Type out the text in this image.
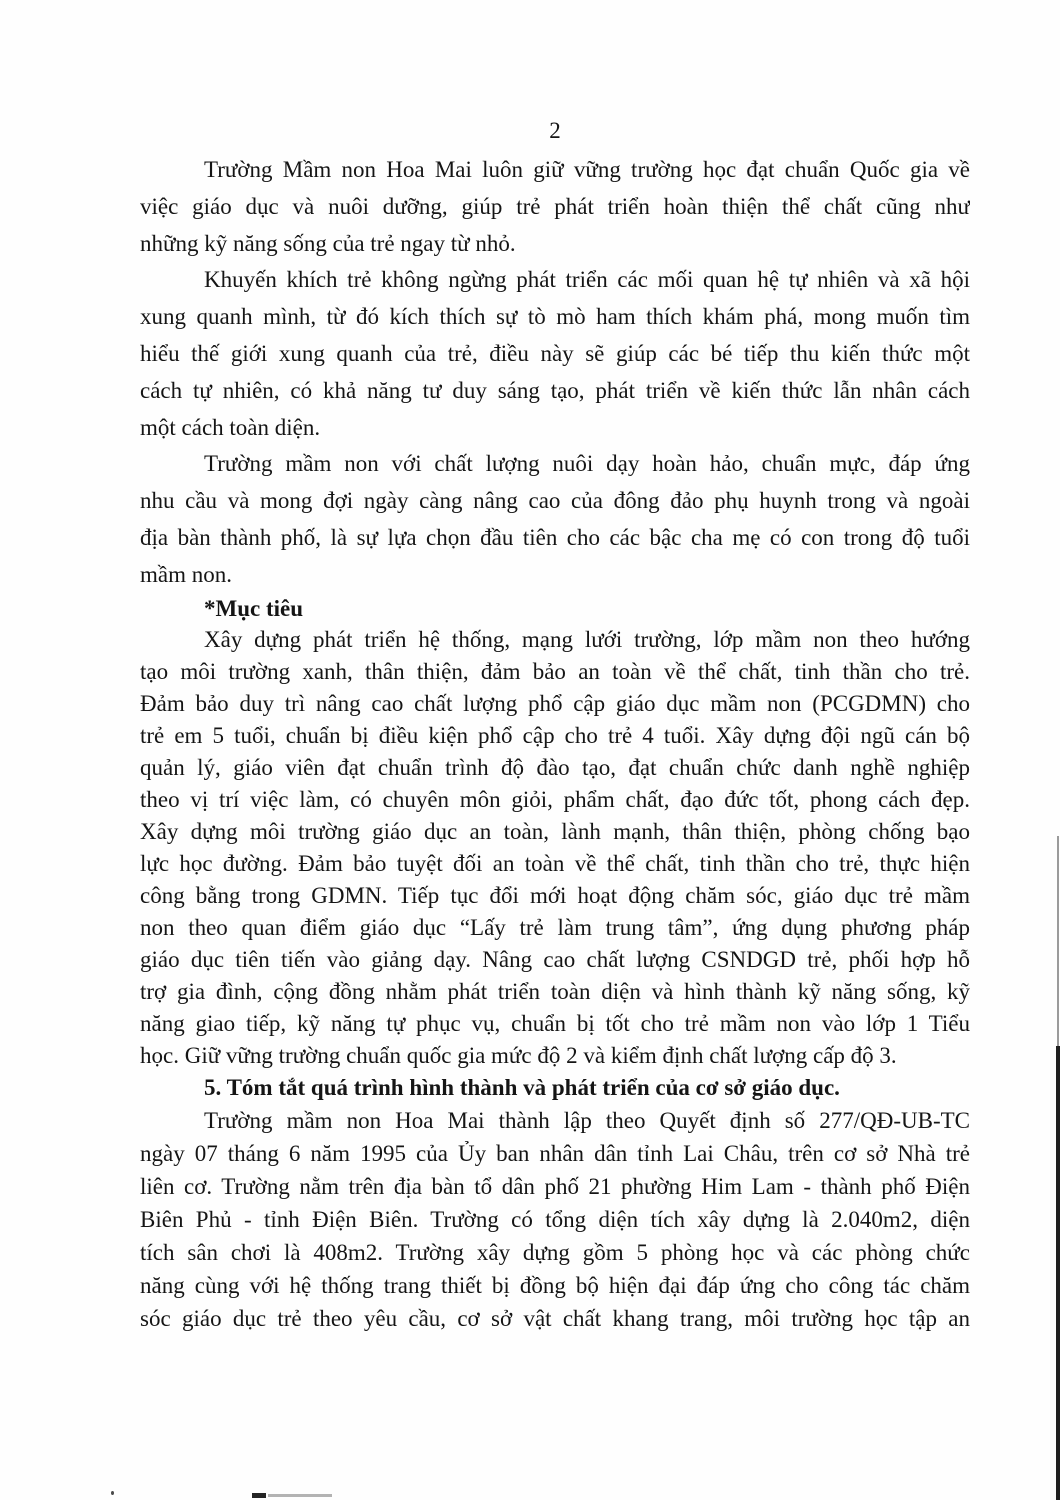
2
Trường Mầm non Hoa Mai luôn giữ vững trường học đạt chuẩn Quốc gia về
việc giáo dục và nuôi dưỡng, giúp trẻ phát triển hoàn thiện thể chất cũng như
những kỹ năng sống của trẻ ngay từ nhỏ.
Khuyến khích trẻ không ngừng phát triển các mối quan hệ tự nhiên và xã hội
xung quanh mình, từ đó kích thích sự tò mò ham thích khám phá, mong muốn tìm
hiểu thế giới xung quanh của trẻ, điều này sẽ giúp các bé tiếp thu kiến thức một
cách tự nhiên, có khả năng tư duy sáng tạo, phát triển về kiến thức lẫn nhân cách
một cách toàn diện.
Trường mầm non với chất lượng nuôi dạy hoàn hảo, chuẩn mực, đáp ứng
nhu cầu và mong đợi ngày càng nâng cao của đông đảo phụ huynh trong và ngoài
địa bàn thành phố, là sự lựa chọn đầu tiên cho các bậc cha mẹ có con trong độ tuổi
mầm non.
*Mục tiêu
Xây dựng phát triển hệ thống, mạng lưới trường, lớp mầm non theo hướng
tạo môi trường xanh, thân thiện, đảm bảo an toàn về thể chất, tinh thần cho trẻ.
Đảm bảo duy trì nâng cao chất lượng phổ cập giáo dục mầm non (PCGDMN) cho
trẻ em 5 tuổi, chuẩn bị điều kiện phổ cập cho trẻ 4 tuổi. Xây dựng đội ngũ cán bộ
quản lý, giáo viên đạt chuẩn trình độ đào tạo, đạt chuẩn chức danh nghề nghiệp
theo vị trí việc làm, có chuyên môn giỏi, phẩm chất, đạo đức tốt, phong cách đẹp.
Xây dựng môi trường giáo dục an toàn, lành mạnh, thân thiện, phòng chống bạo
lực học đường. Đảm bảo tuyệt đối an toàn về thể chất, tinh thần cho trẻ, thực hiện
công bằng trong GDMN. Tiếp tục đổi mới hoạt động chăm sóc, giáo dục trẻ mầm
non theo quan điểm giáo dục “Lấy trẻ làm trung tâm”, ứng dụng phương pháp
giáo dục tiên tiến vào giảng dạy. Nâng cao chất lượng CSNDGD trẻ, phối hợp hỗ
trợ gia đình, cộng đồng nhằm phát triển toàn diện và hình thành kỹ năng sống, kỹ
năng giao tiếp, kỹ năng tự phục vụ, chuẩn bị tốt cho trẻ mầm non vào lớp 1 Tiểu
học. Giữ vững trường chuẩn quốc gia mức độ 2 và kiểm định chất lượng cấp độ 3.
5. Tóm tắt quá trình hình thành và phát triển của cơ sở giáo dục.
Trường mầm non Hoa Mai thành lập theo Quyết định số 277/QĐ-UB-TC
ngày 07 tháng 6 năm 1995 của Ủy ban nhân dân tỉnh Lai Châu, trên cơ sở Nhà trẻ
liên cơ. Trường nằm trên địa bàn tổ dân phố 21 phường Him Lam - thành phố Điện
Biên Phủ - tỉnh Điện Biên. Trường có tổng diện tích xây dựng là 2.040m2, diện
tích sân chơi là 408m2. Trường xây dựng gồm 5 phòng học và các phòng chức
năng cùng với hệ thống trang thiết bị đồng bộ hiện đại đáp ứng cho công tác chăm
sóc giáo dục trẻ theo yêu cầu, cơ sở vật chất khang trang, môi trường học tập an
